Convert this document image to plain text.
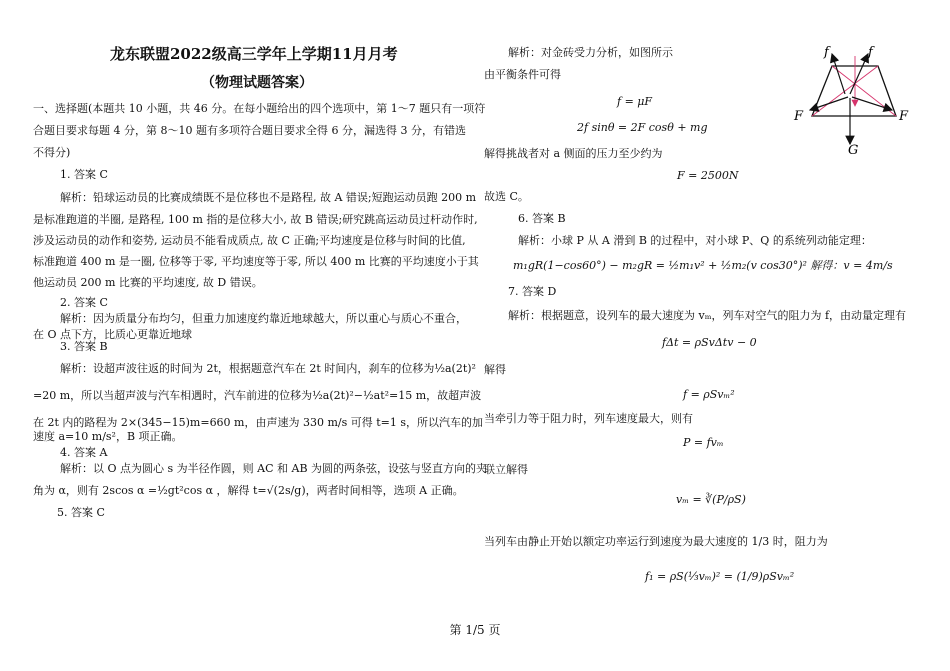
龙东联盟2022级高三学年上学期11月月考
（物理试题答案）
一、选择题(本题共 10 小题，共 46 分。在每小题给出的四个选项中，第 1～7 题只有一项符
合题目要求每题 4 分，第 8～10 题有多项符合题目要求全得 6 分，漏选得 3 分，有错选
不得分)
1. 答案 C
解析：铅球运动员的比赛成绩既不是位移也不是路程, 故 A 错误;短跑运动员跑 200 m
是标准跑道的半圈, 是路程, 100 m 指的是位移大小, 故 B 错误;研究跳高运动员过杆动作时,
涉及运动员的动作和姿势, 运动员不能看成质点, 故 C 正确;平均速度是位移与时间的比值,
标准跑道 400 m 是一圈, 位移等于零, 平均速度等于零, 所以 400 m 比赛的平均速度小于其
他运动员 200 m 比赛的平均速度, 故 D 错误。
2. 答案 C
解析：因为质量分布均匀，但重力加速度约靠近地球越大，所以重心与质心不重合，
在 O 点下方，比质心更靠近地球
3. 答案 B
解析：设超声波往返的时间为 2t，根据题意汽车在 2t 时间内，刹车的位移为½a(2t)²
=20 m，所以当超声波与汽车相遇时，汽车前进的位移为½a(2t)²−½at²=15 m，故超声波
在 2t 内的路程为 2×(345−15)m=660 m，由声速为 330 m/s 可得 t=1 s，所以汽车的加
速度 a=10 m/s²，B 项正确。
4. 答案 A
解析：以 O 点为圆心 s 为半径作圆，则 AC 和 AB 为圆的两条弦，设弦与竖直方向的夹
角为 α，则有 2scos α =½gt²cos α ，解得 t=√(2s/g)，两者时间相等，选项 A 正确。
5. 答案 C
解析：对金砖受力分析，如图所示
由平衡条件可得
f = μF
2f sinθ = 2F cosθ + mg
解得挑战者对 a 侧面的压力至少约为
F = 2500N
故选 C。
6. 答案 B
解析：小球 P 从 A 滑到 B 的过程中，对小球 P、Q 的系统列动能定理：
m₁gR(1−cos60°) − m₂gR = ½m₁v² + ½m₂(v cos30°)² 解得：v = 4m/s
7. 答案 D
解析：根据题意，设列车的最大速度为 vₘ，列车对空气的阻力为 f，由动量定理有
fΔt = ρSvΔtv − 0
解得
f = ρSvₘ²
当牵引力等于阻力时，列车速度最大，则有
P = fvₘ
联立解得
vₘ = ∛(P/ρS)
当列车由静止开始以额定功率运行到速度为最大速度的 1/3 时，阻力为
f₁ = ρS(⅓vₘ)² = (1/9)ρSvₘ²
f	f
F	F
G
第 1/5 页
